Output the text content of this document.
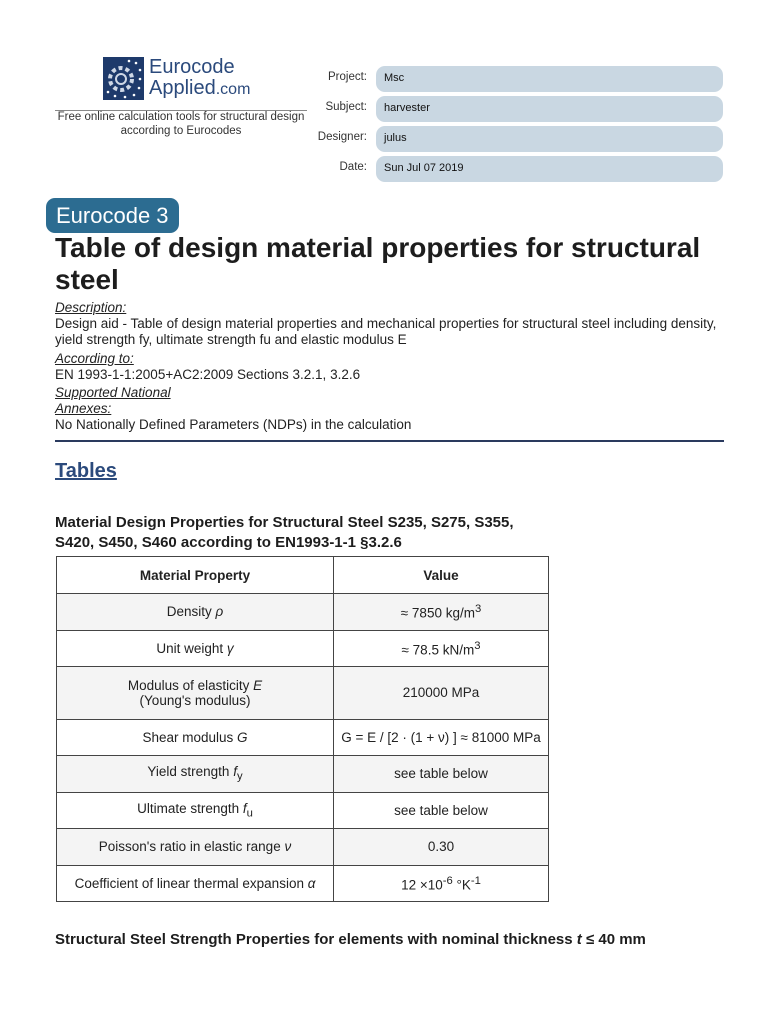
Eurocode
Applied.com
Free online calculation tools for structural design according to Eurocodes
Project:	Msc
Subject:	harvester
Designer:	julus
Date:	Sun Jul 07 2019
Eurocode 3
Table of design material properties for structural steel
Description:
Design aid - Table of design material properties and mechanical properties for structural steel including density, yield strength fy, ultimate strength fu and elastic modulus E
According to:
EN 1993-1-1:2005+AC2:2009 Sections 3.2.1, 3.2.6
Supported National
Annexes:
No Nationally Defined Parameters (NDPs) in the calculation
Tables
Material Design Properties for Structural Steel S235, S275, S355, S420, S450, S460 according to EN1993-1-1 §3.2.6
Material Property	Value
Density ρ	≈ 7850 $kg/m^3$
Unit weight γ	≈ 78.5 $kN/m^3$
Modulus of elasticity E
(Young's modulus)	210000 MPa
Shear modulus G	G = E / [2 · (1 + ν) ] ≈ 81000 MPa
Yield strength $f_y$	see table below
Ultimate strength $f_u$	see table below
Poisson's ratio in elastic range ν	0.30
Coefficient of linear thermal expansion α	$12 \times 10^{-6}$ $^\circ K^{-1}$
Structural Steel Strength Properties for elements with nominal thickness t ≤ 40 mm
